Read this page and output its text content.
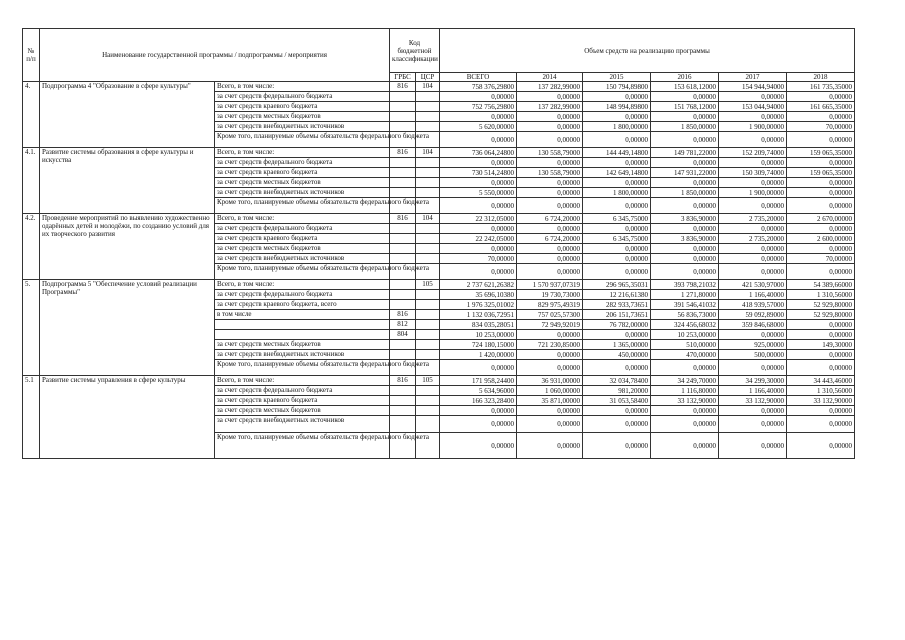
№ п/п	Наименование государственной программы / подпрограммы / мероприятия		Код бюджетной классификации		Объем средств на реализацию программы					
			ГРБС	ЦСР	ВСЕГО	2014	2015	2016	2017	2018
4.	Подпрограмма 4 "Образование в сфере культуры"	Всего, в том числе:	816	104	758 376,29800	137 282,99000	150 794,89800	153 618,12000	154 944,94000	161 735,35000
		за счет средств федерального бюджета			0,00000	0,00000	0,00000	0,00000	0,00000	0,00000
		за счет средств краевого бюджета			752 756,29800	137 282,99000	148 994,89800	151 768,12000	153 044,94000	161 665,35000
		за счет средств местных бюджетов			0,00000	0,00000	0,00000	0,00000	0,00000	0,00000
		за счет средств внебюджетных источников			5 620,00000	0,00000	1 800,00000	1 850,00000	1 900,00000	70,00000
		Кроме того, планируемые объемы обязательств федерального бюджета			0,00000	0,00000	0,00000	0,00000	0,00000	0,00000
4.1.	Развитие системы образования в сфере культуры и искусства	Всего, в том числе:	816	104	736 064,24800	130 558,79000	144 449,14800	149 781,22000	152 209,74000	159 065,35000
		за счет средств федерального бюджета			0,00000	0,00000	0,00000	0,00000	0,00000	0,00000
		за счет средств краевого бюджета			730 514,24800	130 558,79000	142 649,14800	147 931,22000	150 309,74000	159 065,35000
		за счет средств местных бюджетов			0,00000	0,00000	0,00000	0,00000	0,00000	0,00000
		за счет средств внебюджетных источников			5 550,00000	0,00000	1 800,00000	1 850,00000	1 900,00000	0,00000
		Кроме того, планируемые объемы обязательств федерального бюджета			0,00000	0,00000	0,00000	0,00000	0,00000	0,00000
4.2.	Проведение мероприятий по выявлению художественно одарённых детей и молодёжи, по созданию условий для их творческого развития	Всего, в том числе:	816	104	22 312,05000	6 724,20000	6 345,75000	3 836,90000	2 735,20000	2 670,00000
		за счет средств федерального бюджета			0,00000	0,00000	0,00000	0,00000	0,00000	0,00000
		за счет средств краевого бюджета			22 242,05000	6 724,20000	6 345,75000	3 836,90000	2 735,20000	2 600,00000
		за счет средств местных бюджетов			0,00000	0,00000	0,00000	0,00000	0,00000	0,00000
		за счет средств внебюджетных источников			70,00000	0,00000	0,00000	0,00000	0,00000	70,00000
		Кроме того, планируемые объемы обязательств федерального бюджета			0,00000	0,00000	0,00000	0,00000	0,00000	0,00000
5.	Подпрограмма 5 "Обеспечение условий реализации Программы"	Всего, в том числе:		105	2 737 621,26382	1 570 937,07319	296 965,35031	393 798,21032	421 530,97000	54 389,66000
		за счет средств федерального бюджета			35 696,10380	19 730,73000	12 216,61380	1 271,80000	1 166,40000	1 310,56000
		за счет средств краевого бюджета, всего			1 976 325,01002	829 975,49319	282 933,73651	391 546,41032	418 939,57000	52 929,80000
		в том числе	816		1 132 036,72951	757 025,57300	206 151,73651	56 836,73000	59 092,89000	52 929,80000
			812		834 035,28051	72 949,92019	76 782,00000	324 456,68032	359 846,68000	0,00000
			804		10 253,00000	0,00000	0,00000	10 253,00000	0,00000	0,00000
		за счет средств местных бюджетов			724 180,15000	721 230,85000	1 365,00000	510,00000	925,00000	149,30000
		за счет средств внебюджетных источников			1 420,00000	0,00000	450,00000	470,00000	500,00000	0,00000
		Кроме того, планируемые объемы обязательств федерального бюджета			0,00000	0,00000	0,00000	0,00000	0,00000	0,00000
5.1	Развитие системы управления в сфере культуры	Всего, в том числе:	816	105	171 958,24400	36 931,00000	32 034,78400	34 249,70000	34 299,30000	34 443,46000
		за счет средств федерального бюджета			5 634,96000	1 060,00000	981,20000	1 116,80000	1 166,40000	1 310,56000
		за счет средств краевого бюджета			166 323,28400	35 871,00000	31 053,58400	33 132,90000	33 132,90000	33 132,90000
		за счет средств местных бюджетов			0,00000	0,00000	0,00000	0,00000	0,00000	0,00000
		за счет средств внебюджетных источников			0,00000	0,00000	0,00000	0,00000	0,00000	0,00000
		Кроме того, планируемые объемы обязательств федерального бюджета			0,00000	0,00000	0,00000	0,00000	0,00000	0,00000
